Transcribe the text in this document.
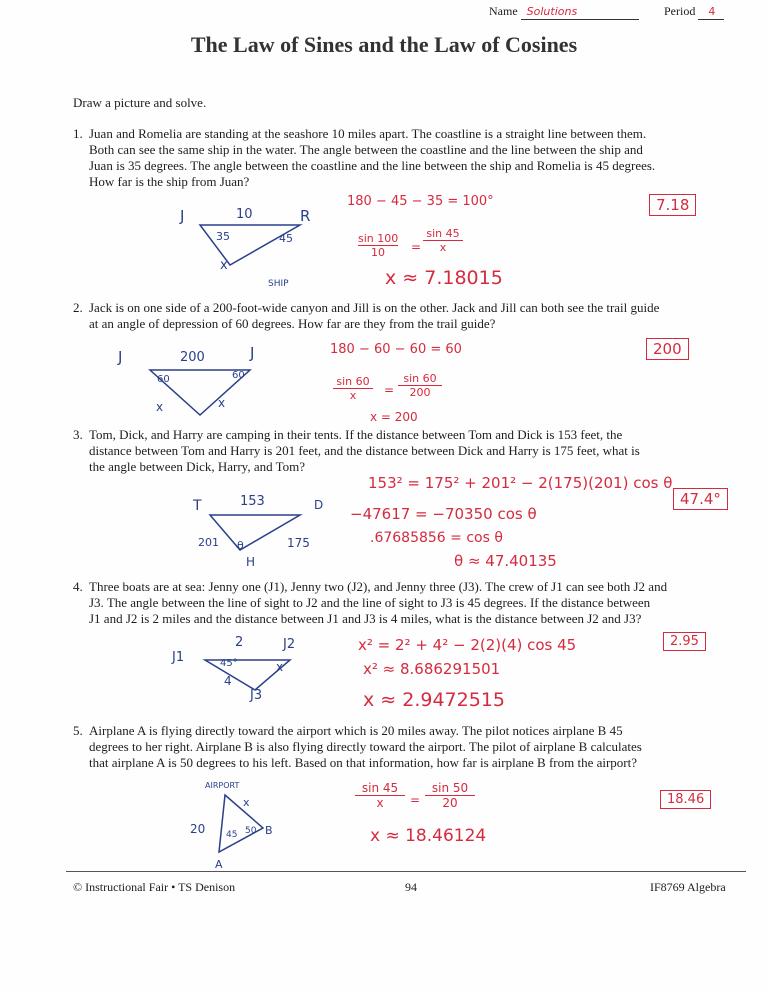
Name Solutions	Period 4
The Law of Sines and the Law of Cosines
Draw a picture and solve.
1. Juan and Romelia are standing at the seashore 10 miles apart. The coastline is a straight line between them.
Both can see the same ship in the water. The angle between the coastline and the line between the ship and
Juan is 35 degrees. The angle between the coastline and the line between the ship and Romelia is 45 degrees.
How far is the ship from Juan?
J	10	R
35	45
x
SHIP
180 − 45 − 35 = 100°
$\frac{\sin 100}{10} = \frac{\sin 45}{x}$
x ≈ 7.18015
7.18
2. Jack is on one side of a 200-foot-wide canyon and Jill is on the other. Jack and Jill can both see the trail guide
at an angle of depression of 60 degrees. How far are they from the trail guide?
J	200	J
60	60
x	x
180 − 60 − 60 = 60
$\frac{\sin 60}{x} = \frac{\sin 60}{200}$
x = 200
200
3. Tom, Dick, and Harry are camping in their tents. If the distance between Tom and Dick is 153 feet, the
distance between Tom and Harry is 201 feet, and the distance between Dick and Harry is 175 feet, what is
the angle between Dick, Harry, and Tom?
T	153	D
201 θ	175
H
153² = 175² + 201² − 2(175)(201) cos θ
−47617 = −70350 cos θ
.67685856 = cos θ
θ ≈ 47.40135
47.4°
4. Three boats are at sea: Jenny one (J1), Jenny two (J2), and Jenny three (J3). The crew of J1 can see both J2 and
J3. The angle between the line of sight to J2 and the line of sight to J3 is 45 degrees. If the distance between
J1 and J2 is 2 miles and the distance between J1 and J3 is 4 miles, what is the distance between J2 and J3?
J1
2	J2
45°	x
4
J3
x² = 2² + 4² − 2(2)(4) cos 45
x² ≈ 8.686291501
x ≈ 2.9472515
2.95
5. Airplane A is flying directly toward the airport which is 20 miles away. The pilot notices airplane B 45
degrees to her right. Airplane B is also flying directly toward the airport. The pilot of airplane B calculates
that airplane A is 50 degrees to his left. Based on that information, how far is airplane B from the airport?
AIRPORT
x
20 45 50 B
A
$\frac{\sin 45}{x} = \frac{\sin 50}{20}$
x ≈ 18.46124
18.46
© Instructional Fair • TS Denison	94	IF8769 Algebra
